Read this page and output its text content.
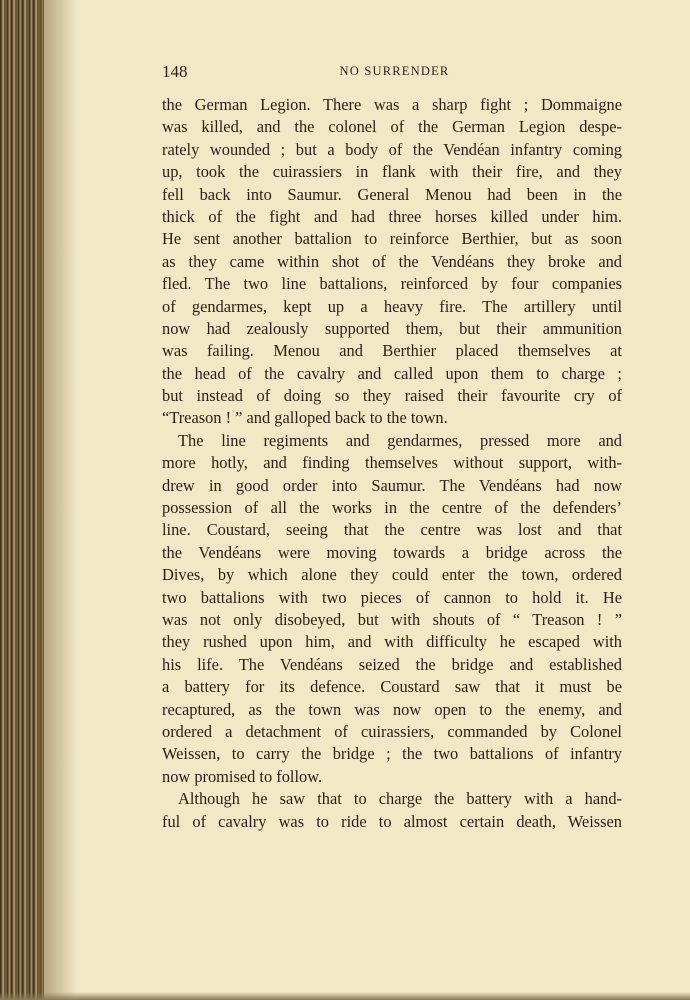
148	NO SURRENDER
the German Legion. There was a sharp fight ; Dommaigne
was killed, and the colonel of the German Legion despe-
rately wounded ; but a body of the Vendéan infantry coming
up, took the cuirassiers in flank with their fire, and they
fell back into Saumur. General Menou had been in the
thick of the fight and had three horses killed under him.
He sent another battalion to reinforce Berthier, but as soon
as they came within shot of the Vendéans they broke and
fled. The two line battalions, reinforced by four companies
of gendarmes, kept up a heavy fire. The artillery until
now had zealously supported them, but their ammunition
was failing. Menou and Berthier placed themselves at
the head of the cavalry and called upon them to charge ;
but instead of doing so they raised their favourite cry of
“Treason ! ” and galloped back to the town.
The line regiments and gendarmes, pressed more and
more hotly, and finding themselves without support, with-
drew in good order into Saumur. The Vendéans had now
possession of all the works in the centre of the defenders’
line. Coustard, seeing that the centre was lost and that
the Vendéans were moving towards a bridge across the
Dives, by which alone they could enter the town, ordered
two battalions with two pieces of cannon to hold it. He
was not only disobeyed, but with shouts of “ Treason ! ”
they rushed upon him, and with difficulty he escaped with
his life. The Vendéans seized the bridge and established
a battery for its defence. Coustard saw that it must be
recaptured, as the town was now open to the enemy, and
ordered a detachment of cuirassiers, commanded by Colonel
Weissen, to carry the bridge ; the two battalions of infantry
now promised to follow.
Although he saw that to charge the battery with a hand-
ful of cavalry was to ride to almost certain death, Weissen
